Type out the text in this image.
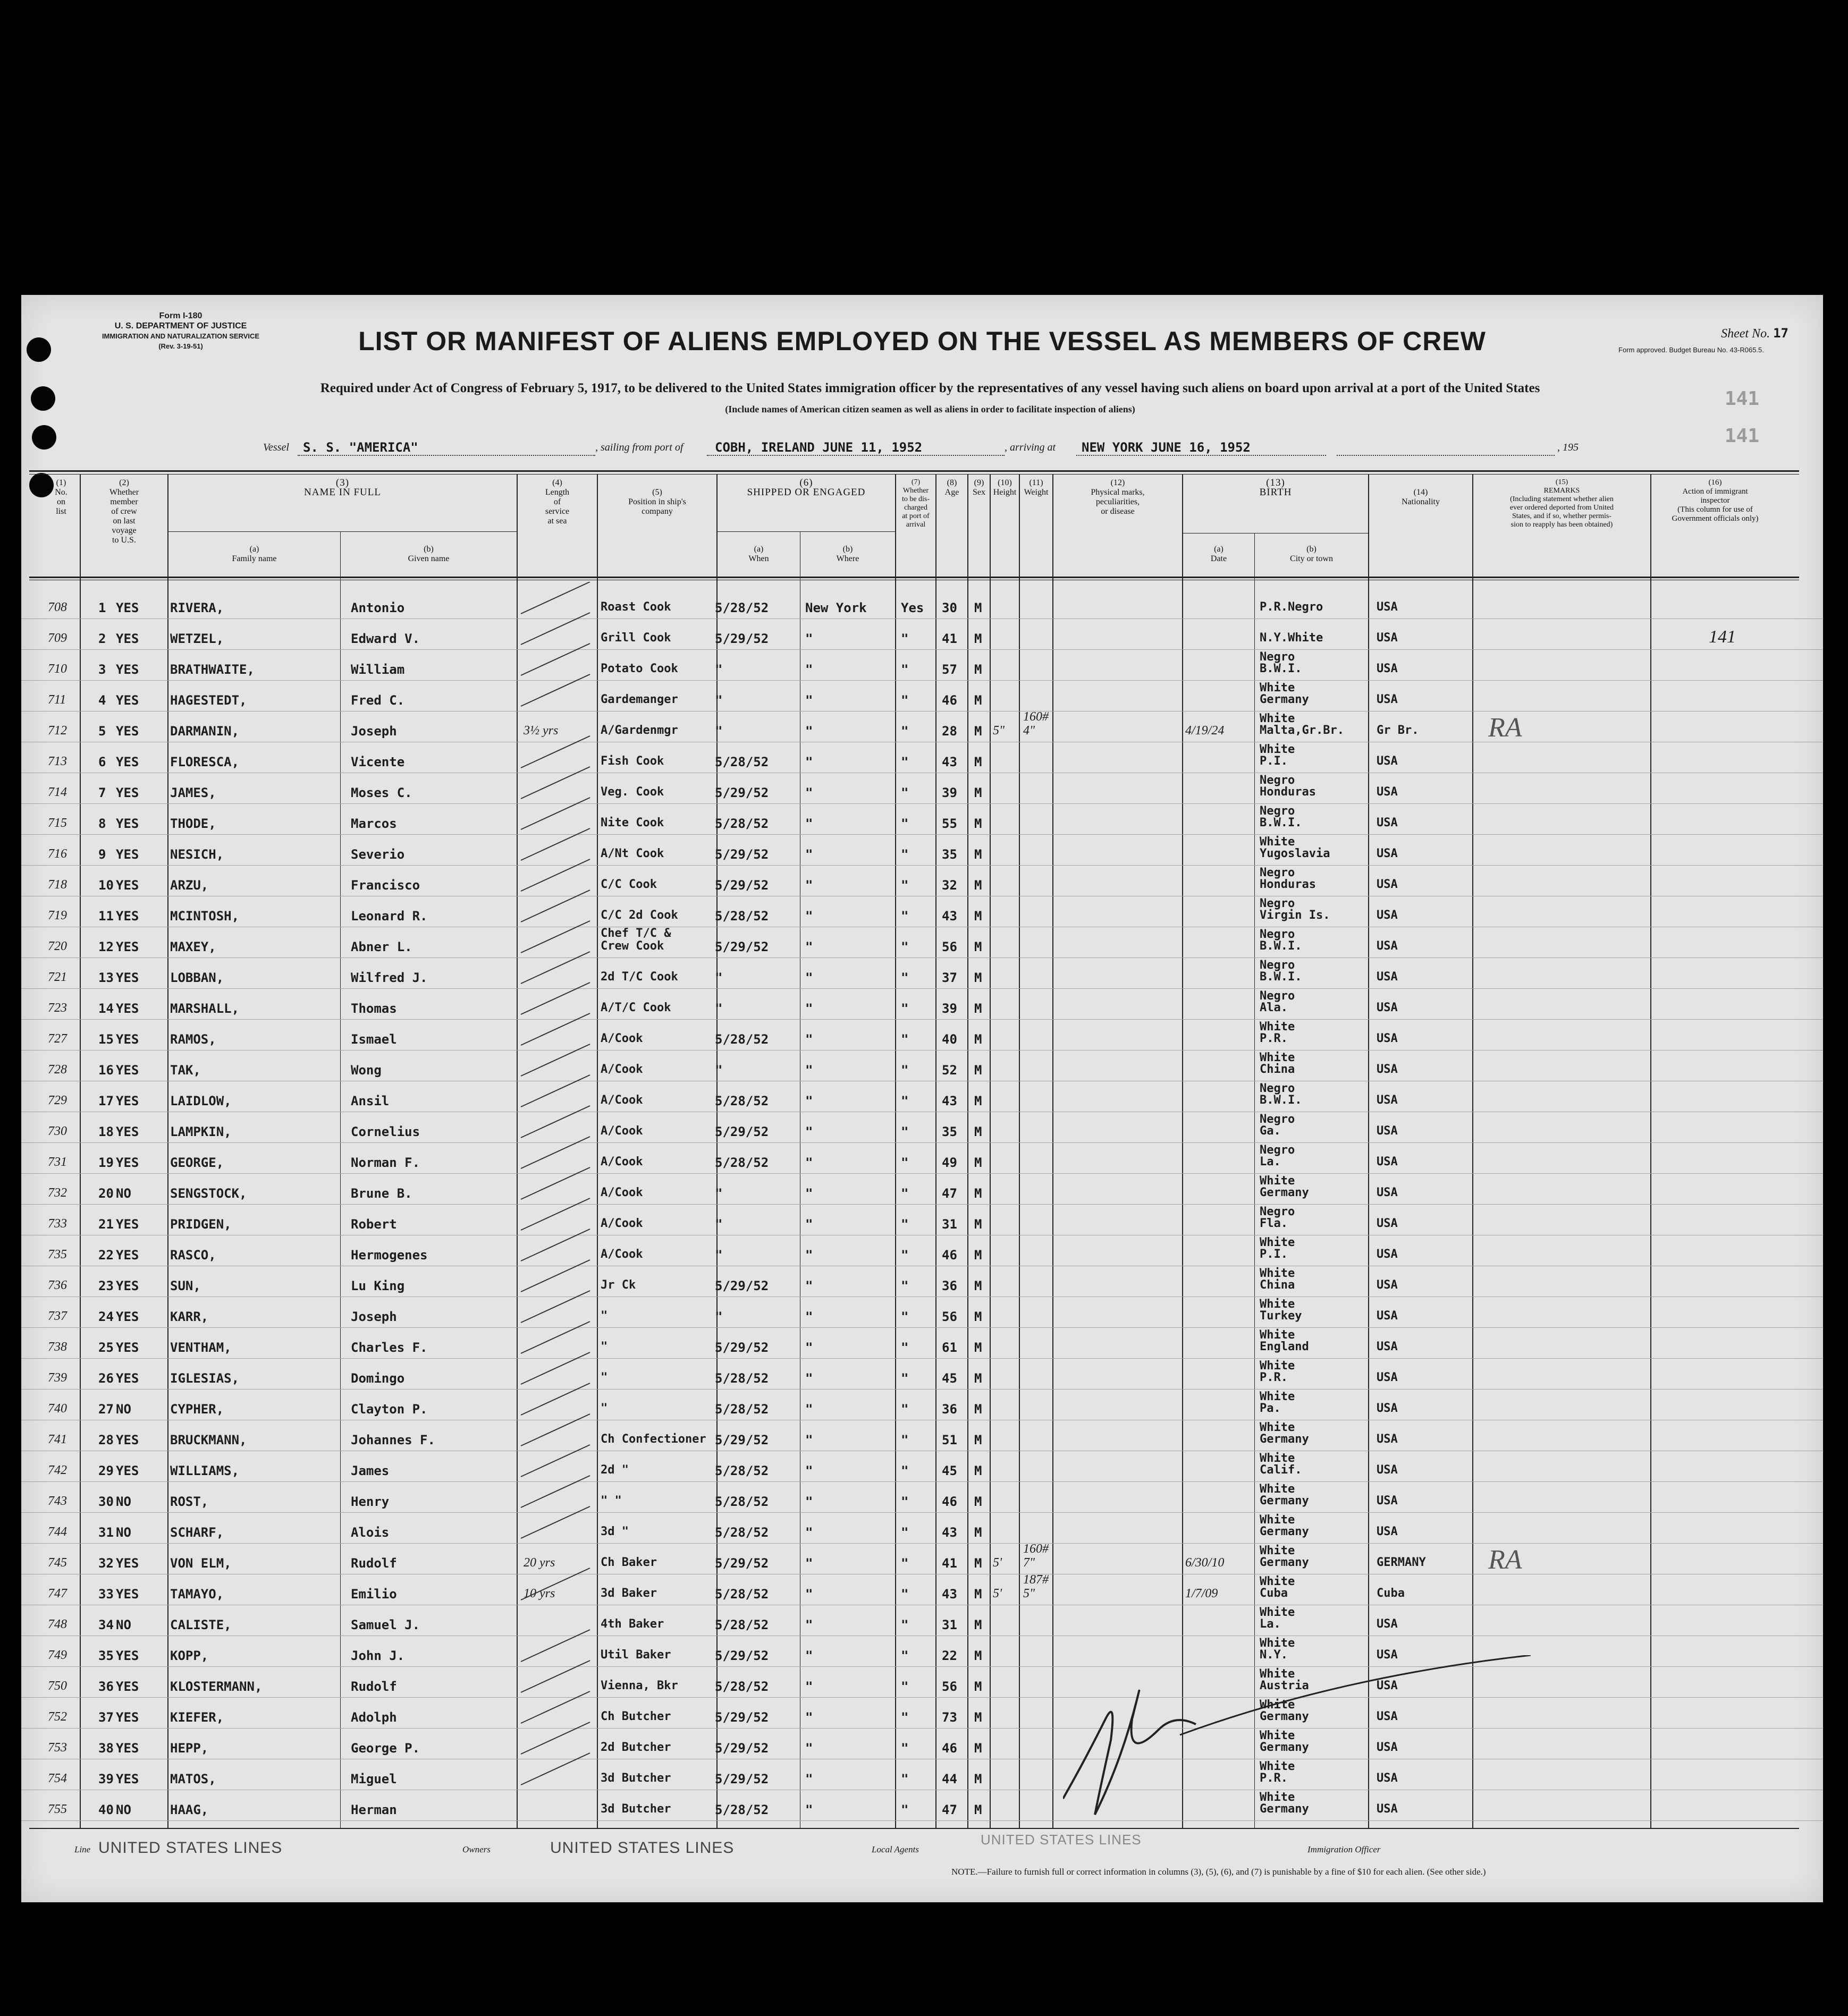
Form I-180
U. S. DEPARTMENT OF JUSTICE
IMMIGRATION AND NATURALIZATION SERVICE
(Rev. 3-19-51)	LIST OR MANIFEST OF ALIENS EMPLOYED ON THE VESSEL AS MEMBERS OF CREW	Sheet No. 17
Form approved. Budget Bureau No. 43-R065.5.
141
141
Required under Act of Congress of February 5, 1917, to be delivered to the United States immigration officer by the representatives of any vessel having such aliens on board upon arrival at a port of the United States
(Include names of American citizen seamen as well as aliens in order to facilitate inspection of aliens)
Vessel S. S. "AMERICA"	, sailing from port of COBH, IRELAND JUNE 11, 1952	, arriving at NEW YORK JUNE 16, 1952	, 195
(1)
No.
on
list
(2)
Whether
member
of crew
on last
voyage
to U.S.
(3)
NAME IN FULL
(a)
Family name
(b)
Given name
(4)
Length
of
service
at sea
(5)
Position in ship's
company
(6)
SHIPPED OR ENGAGED
(a)
When
(b)
Where
(7)
Whether
to be dis-
charged
at port of
arrival
(8)
Age
(9)
Sex
(10)
Height
(11)
Weight
(12)
Physical marks,
peculiarities,
or disease
(13)
BIRTH
(a)
Date
(b)
City or town
(14)
Nationality
(15)
REMARKS
(Including statement whether alien
ever ordered deported from United
States, and if so, whether permis-
sion to reapply has been obtained)
(16)
Action of immigrant
inspector
(This column for use of
Government officials only)
708 1 YES RIVERA,	Antonio	Roast Cook	5/28/52	New York	Yes 30 M	P.R.Negro	USA
709 2 YES WETZEL,	Edward V.	Grill Cook	5/29/52	"	"	41 M	N.Y.White	USA	141
710 3 YES BRATHWAITE,	William	Potato Cook	"	"	"	57 M
Negro
B.W.I.	USA
711	4 YES HAGESTEDT,	Fred C.	Gardemanger	"	"	"	46 M
White
Germany	USA
712 5 YES DARMANIN,	Joseph	3½ yrs	A/Gardenmgr	"	"	"	28 M 5"
160#
4"	4/19/24
White
Malta,Gr.Br.	Gr Br.	RA
713 6 YES FLORESCA,	Vicente	Fish Cook	5/28/52	"	"	43 M
White
P.I.	USA
714 7 YES JAMES,	Moses C.	Veg. Cook	5/29/52	"	"	39 M
Negro
Honduras	USA
715 8 YES THODE,	Marcos	Nite Cook	5/28/52	"	"	55 M
Negro
B.W.I.	USA
716 9 YES NESICH,	Severio	A/Nt Cook	5/29/52	"	"	35 M
White
Yugoslavia	USA
718 10 YES ARZU,	Francisco	C/C Cook	5/29/52	"	"	32 M
Negro
Honduras	USA
719 11 YES MCINTOSH,	Leonard R.	C/C 2d Cook	5/28/52	"	"	43 M
Negro
Virgin Is.	USA
720 12 YES MAXEY,	Abner L.
Chef T/C &
Crew Cook	5/29/52	"	"	56 M
Negro
B.W.I.	USA
721 13 YES LOBBAN,	Wilfred J.	2d T/C Cook	"	"	"	37 M
Negro
B.W.I.	USA
723 14 YES MARSHALL,	Thomas	A/T/C Cook	"	"	"	39 M
Negro
Ala.	USA
727 15 YES RAMOS,	Ismael	A/Cook	5/28/52	"	"	40 M
White
P.R.	USA
728 16 YES TAK,	Wong	A/Cook	"	"	"	52 M
White
China	USA
729 17 YES LAIDLOW,	Ansil	A/Cook	5/28/52	"	"	43 M
Negro
B.W.I.	USA
730 18 YES LAMPKIN,	Cornelius	A/Cook	5/29/52	"	"	35 M
Negro
Ga.	USA
731 19 YES GEORGE,	Norman F.	A/Cook	5/28/52	"	"	49 M
Negro
La.	USA
732 20 NO	SENGSTOCK,	Brune B.	A/Cook	"	"	"	47 M
White
Germany	USA
733 21 YES PRIDGEN,	Robert	A/Cook	"	"	"	31 M
Negro
Fla.	USA
735 22 YES RASCO,	Hermogenes	A/Cook	"	"	"	46 M
White
P.I.	USA
736 23 YES SUN,	Lu King	Jr Ck	5/29/52	"	"	36 M
White
China	USA
737 24 YES KARR,	Joseph	"	"	"	"	56 M
White
Turkey	USA
738 25 YES VENTHAM,	Charles F.	"	5/29/52	"	"	61 M
White
England	USA
739 26 YES IGLESIAS,	Domingo	"	5/28/52	"	"	45 M
White
P.R.	USA
740 27 NO	CYPHER,	Clayton P.	"	5/28/52	"	"	36 M
White
Pa.	USA
741 28 YES BRUCKMANN,	Johannes F.	Ch Confectioner 5/29/52	"	"	51 M
White
Germany	USA
742 29 YES WILLIAMS,	James	2d "	5/28/52	"	"	45 M
White
Calif.	USA
743 30 NO	ROST,	Henry	" "	5/28/52	"	"	46 M
White
Germany	USA
744 31 NO	SCHARF,	Alois	3d "	5/28/52	"	"	43 M
White
Germany	USA
745 32 YES VON ELM,	Rudolf	20 yrs	Ch Baker	5/29/52	"	"	41 M 5'
160#
7"	6/30/10
White
Germany	GERMANY RA
747 33 YES TAMAYO,	Emilio	10 yrs	3d Baker	5/28/52	"	"	43 M 5'
187#
5"	1/7/09
White
Cuba	Cuba
748 34 NO	CALISTE,	Samuel J.	4th Baker	5/28/52	"	"	31 M
White
La.	USA
749 35 YES KOPP,	John J.	Util Baker	5/29/52	"	"	22 M
White
N.Y.	USA
750 36 YES KLOSTERMANN,	Rudolf	Vienna, Bkr	5/28/52	"	"	56 M
White
Austria	USA
752 37 YES KIEFER,	Adolph	Ch Butcher	5/29/52	"	"	73 M
White
Germany	USA
753 38 YES HEPP,	George P.	2d Butcher	5/29/52	"	"	46 M
White
Germany	USA
754 39 YES MATOS,	Miguel	3d Butcher	5/29/52	"	"	44 M
White
P.R.	USA
755 40 NO	HAAG,	Herman	3d Butcher	5/28/52	"	"	47 M
White
Germany	USA
Line UNITED STATES LINES	Owners	UNITED STATES LINES	Local Agents
UNITED STATES LINES
Immigration Officer
NOTE.—Failure to furnish full or correct information in columns (3), (5), (6), and (7) is punishable by a fine of $10 for each alien. (See other side.)
